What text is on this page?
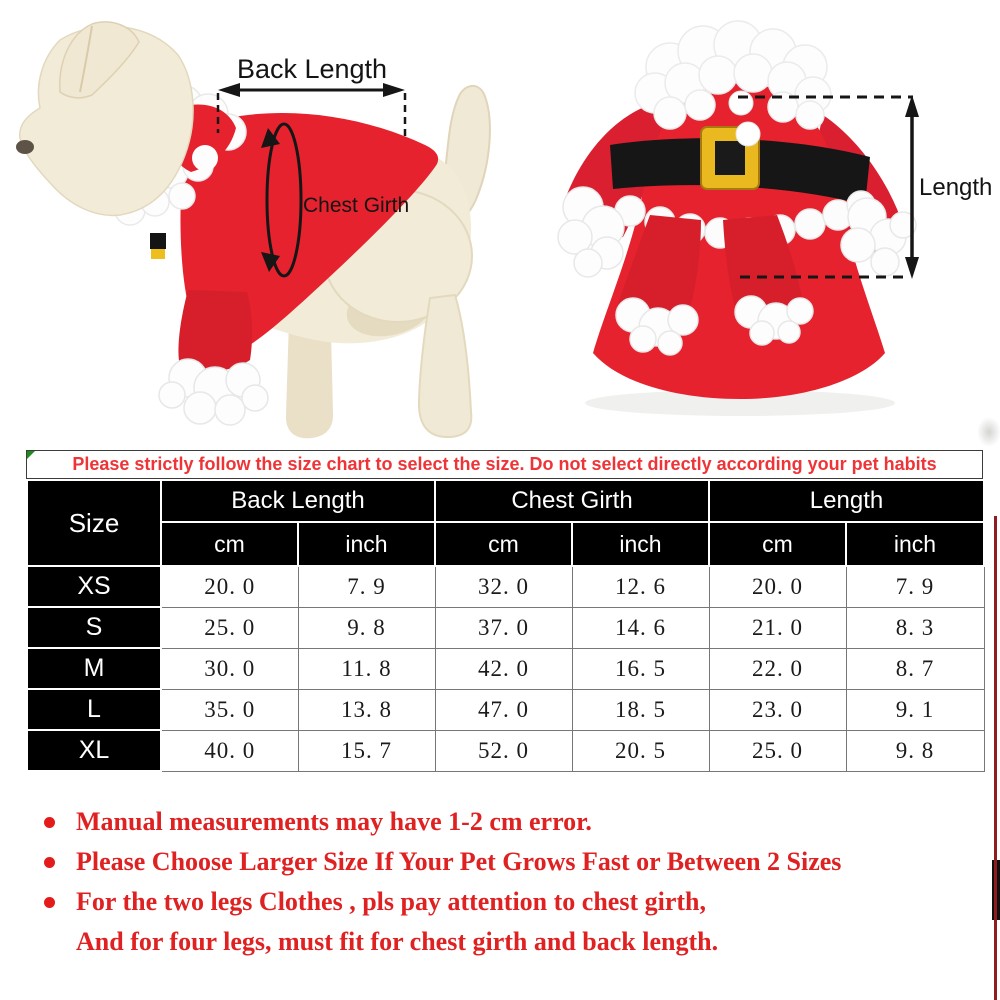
Back Length
Chest Girth
Length
Please strictly follow the size chart to select the size. Do not select directly according your pet habits
Size	Back Length		Chest Girth		Length	
	cm	inch	cm	inch	cm	inch
XS	20. 0	7. 9	32. 0	12. 6	20. 0	7. 9
S	25. 0	9. 8	37. 0	14. 6	21. 0	8. 3
M	30. 0	11. 8	42. 0	16. 5	22. 0	8. 7
L	35. 0	13. 8	47. 0	18. 5	23. 0	9. 1
XL	40. 0	15. 7	52. 0	20. 5	25. 0	9. 8
Manual measurements may have 1-2 cm error.
Please Choose Larger Size If Your Pet Grows Fast or Between 2 Sizes
For the two legs Clothes , pls pay attention to chest girth,
And for four legs, must fit for chest girth and back length.
